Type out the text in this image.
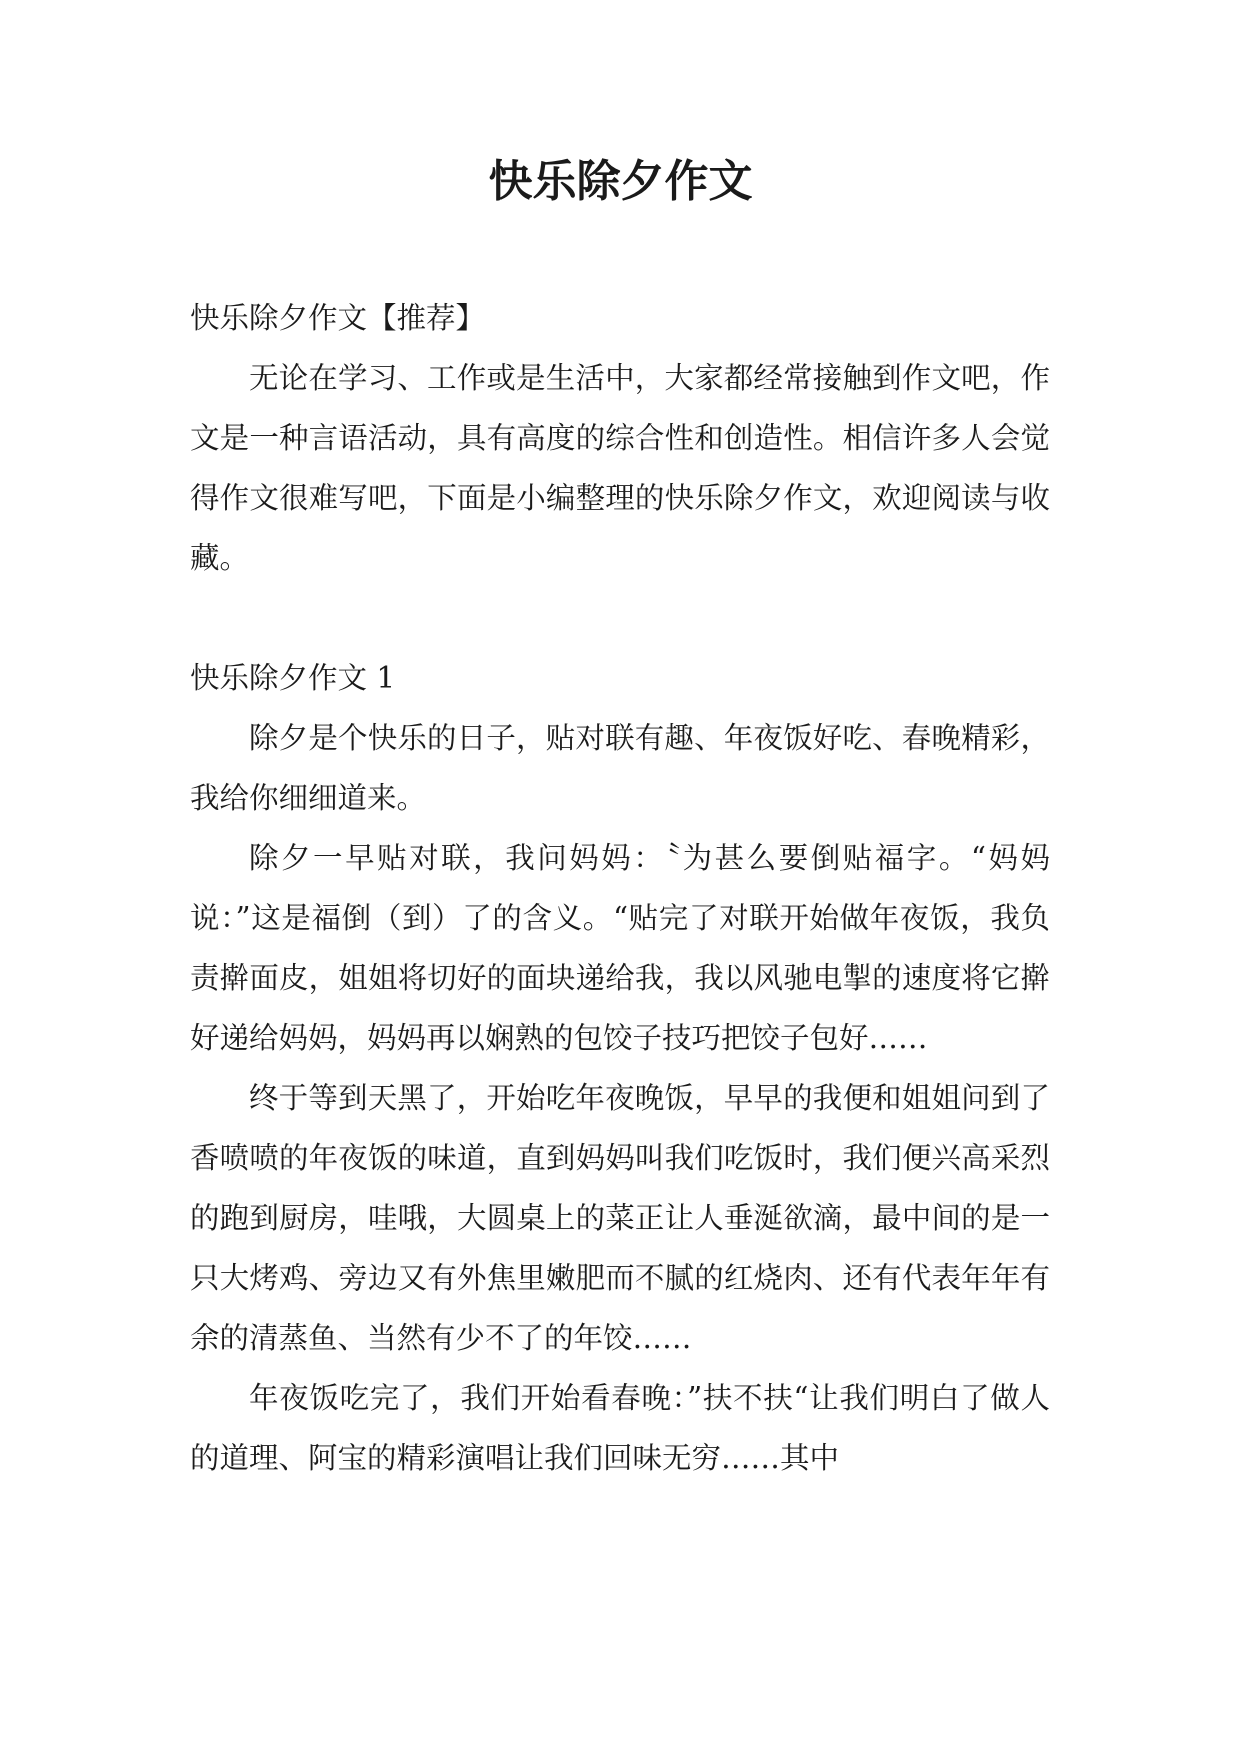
快乐除夕作文

快乐除夕作文【推荐】

无论在学习、工作或是生活中，大家都经常接触到作文吧，作文是一种言语活动，具有高度的综合性和创造性。相信许多人会觉得作文很难写吧，下面是小编整理的快乐除夕作文，欢迎阅读与收藏。

快乐除夕作文 1

除夕是个快乐的日子，贴对联有趣、年夜饭好吃、春晚精彩，我给你细细道来。

除夕一早贴对联，我问妈妈：〝为甚么要倒贴福字。“妈妈说：”这是福倒（到）了的含义。“贴完了对联开始做年夜饭，我负责擀面皮，姐姐将切好的面块递给我，我以风驰电掣的速度将它擀好递给妈妈，妈妈再以娴熟的包饺子技巧把饺子包好……

终于等到天黑了，开始吃年夜晚饭，早早的我便和姐姐问到了香喷喷的年夜饭的味道，直到妈妈叫我们吃饭时，我们便兴高采烈的跑到厨房，哇哦，大圆桌上的菜正让人垂涎欲滴，最中间的是一只大烤鸡、旁边又有外焦里嫩肥而不腻的红烧肉、还有代表年年有余的清蒸鱼、当然有少不了的年饺……

年夜饭吃完了，我们开始看春晚：”扶不扶“让我们明白了做人的道理、阿宝的精彩演唱让我们回味无穷……其中
